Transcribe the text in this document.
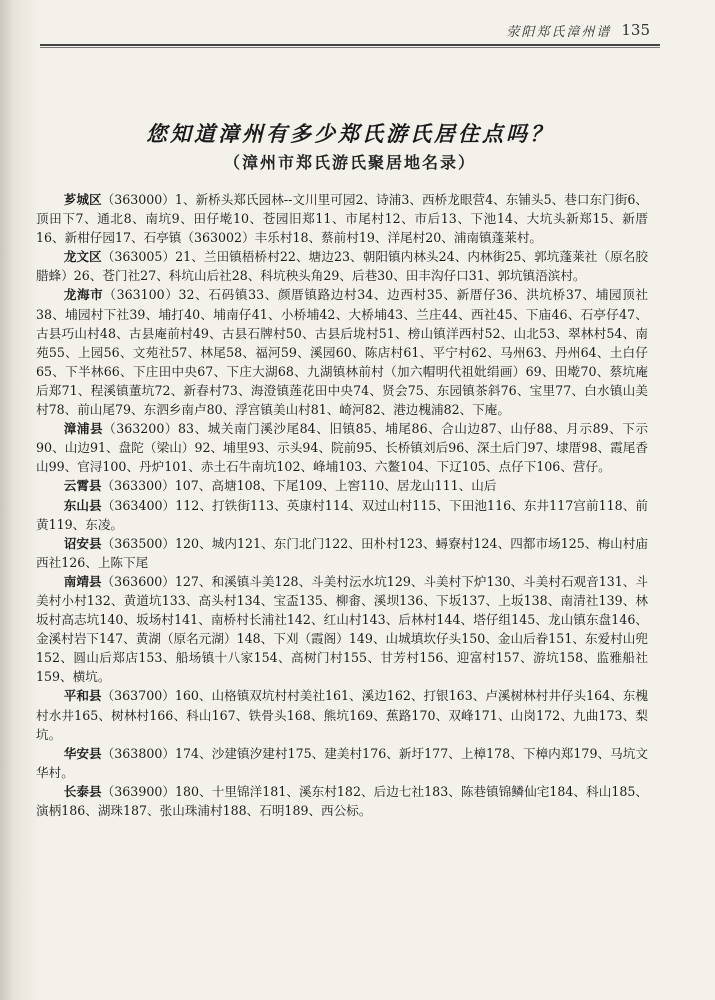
荥阳郑氏漳州谱 135
您知道漳州有多少郑氏游氏居住点吗？
（漳州市郑氏游氏聚居地名录）

芗城区（363000）1、新桥头郑氏园林--文川里可园2、诗浦3、西桥龙眼营4、东铺头5、巷口东门街6、顶田下7、通北8、南坑9、田仔墘10、苍园旧郑11、市尾村12、市后13、下池14、大坑头新郑15、新厝16、新柑仔园17、石亭镇（363002）丰乐村18、蔡前村19、洋尾村20、浦南镇蓬莱村。

龙文区（363005）21、兰田镇梧桥村22、塘边23、朝阳镇内林头24、内林街25、郭坑蓬莱社（原名胶腊蜂）26、苍门社27、科坑山后社28、科坑秧头角29、后巷30、田丰沟仔口31、郭坑镇浯滨村。

龙海市（363100）32、石码镇33、颜厝镇路边村34、边西村35、新厝仔36、洪坑桥37、埔园顶社38、埔园村下社39、埔打40、埔南仔41、小桥埔42、大桥埔43、兰庄44、西社45、下庙46、石亭仔47、古县巧山村48、古县庵前村49、古县石牌村50、古县后垅村51、榜山镇洋西村52、山北53、翠林村54、南苑55、上园56、文苑社57、林尾58、福河59、溪园60、陈店村61、平宁村62、马州63、丹州64、土白仔65、下半林66、下庄田中央67、下庄大湖68、九湖镇林前村（加六帽明代祖妣绢画）69、田墘70、蔡坑庵后郑71、程溪镇董坑72、新春村73、海澄镇莲花田中央74、贤会75、东园镇茶斜76、宝里77、白水镇山美村78、前山尾79、东泗乡南卢80、浮宫镇美山村81、崎河82、港边槐浦82、下庵。

漳浦县（363200）83、城关南门溪沙尾84、旧镇85、埔尾86、合山边87、山仔88、月示89、下示90、山边91、盘陀（梁山）92、埔里93、示头94、院前95、长桥镇刘后96、深土后门97、埭厝98、霞尾香山99、官浔100、丹炉101、赤土石牛南坑102、峰埔103、六鳌104、下辽105、点仔下106、营仔。

云霄县（363300）107、高塘108、下尾109、上窖110、居龙山111、山后

东山县（363400）112、打铁街113、英康村114、双过山村115、下田池116、东井117宫前118、前黄119、东凌。

诏安县（363500）120、城内121、东门北门122、田朴村123、蟳寮村124、四都市场125、梅山村庙西社126、上陈下尾

南靖县（363600）127、和溪镇斗美128、斗美村沄水坑129、斗美村下炉130、斗美村石观音131、斗美村小村132、黄道坑133、高头村134、宝盃135、柳畬、溪坝136、下坂137、上坂138、南清社139、林坂村高志坑140、坂场村141、南桥村长浦社142、红山村143、后林村144、塔仔组145、龙山镇东盘146、金溪村岩下147、黄湖（原名元湖）148、下刈（霞阁）149、山城填坎仔头150、金山后眷151、东爱村山兜152、圆山后郑店153、船场镇十八家154、高树门村155、甘芳村156、迎富村157、游坑158、监雅船社159、横坑。

平和县（363700）160、山格镇双坑村村美社161、溪边162、打银163、卢溪树林村井仔头164、东槐村水井165、树林村166、科山167、铁骨头168、熊坑169、蕉路170、双峰171、山岗172、九曲173、梨坑。

华安县（363800）174、沙建镇汐建村175、建美村176、新圩177、上樟178、下樟内郑179、马坑文华村。

长泰县（363900）180、十里锦洋181、溪东村182、后边七社183、陈巷镇锦鳞仙宅184、科山185、演柄186、湖珠187、张山珠浦村188、石明189、西公标。
